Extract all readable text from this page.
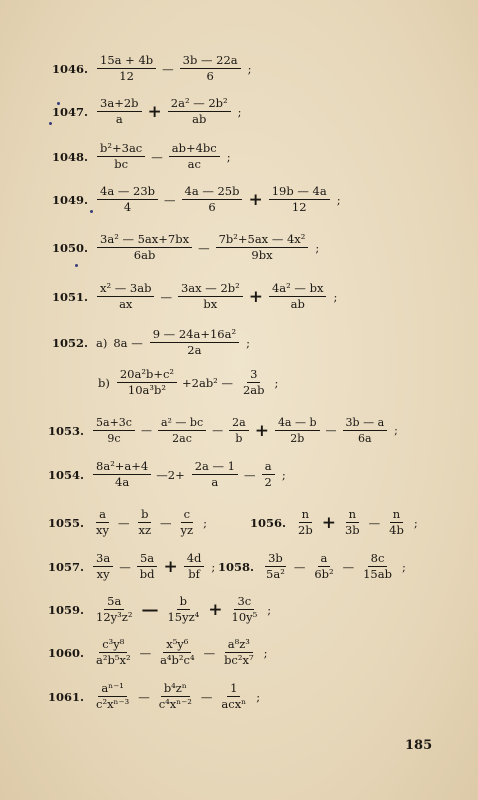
1046. $\frac{15a + 4b}{12}$ — $\frac{3b — 22a}{6}$ ;
1047. $\frac{3a+2b}{a} + \frac{\text{2a² — 2b²}}{ab}$ ;
1048. $\frac{\text{b²+3ac}}{bc}$ — $\frac{ab+4bc}{ac}$ ;
1049. $\frac{4a — 23b}{4}$ — $\frac{4a — 25b}{6} + \frac{19b — 4a}{12}$ ;
1050. $\frac{\text{3a² — 5ax+7bx}}{6ab}$ — $\frac{\text{7b²+5ax — 4x²}}{9bx}$ ;
1051. $\frac{\text{x² — 3ab}}{ax}$ — $\frac{\text{3ax — 2b²}}{bx} + \frac{\text{4a² — bx}}{ab}$ ;
1052. a) 8a — $\frac{\text{9 — 24a+16a²}}{2a}$ ;
$b) \frac{\text{20a²b+c²}}{\text{10a³b²}} +2ab^2$ — $\frac{3}{2ab}$ ;
1053. $\frac{5a+3c}{9c}$ — $\frac{\text{a² — bc}}{2ac}$ — $\frac{2a}{b} + \frac{4a — b}{2b}$ — $\frac{3b — a}{6a}$ ;
1054. $\frac{\text{8a²+a+4}}{4a}$ —2+ $\frac{2a — 1}{a}$ — $\frac{a}{2}$ ;
1055. $\frac{a}{xy}$ — $\frac{b}{xz}$ — $\frac{c}{yz}$ ;	1056. $\frac{n}{2b} + \frac{n}{3b}$ — $\frac{n}{4b}$ ;
1057. $\frac{3a}{xy}$ — $\frac{5a}{bd} + \frac{4d}{bf}$ ; 1058. $\frac{3b}{\text{5a²}}$ — $\frac{a}{\text{6b²}}$ — $\frac{8c}{15ab}$ ;
1059. $\frac{5a}{\text{12y³z²}}$ — $\frac{b}{\text{15yz⁴}} + \frac{3c}{\text{10y⁵}}$ ;
1060. $\frac{\text{c³y⁸}}{\text{a²b⁵x²}}$ — $\frac{\text{x⁵y⁶}}{\text{a⁴b²c⁴}}$ — $\frac{\text{a⁸z³}}{\text{bc²x⁷}}$ ;
1061. $\frac{\text{aⁿ⁻¹}}{\text{c²xⁿ⁻³}}$ — $\frac{\text{b⁴zⁿ}}{\text{c⁴xⁿ⁻²}}$ — $\frac{1}{\text{acxⁿ}}$ ;
185
